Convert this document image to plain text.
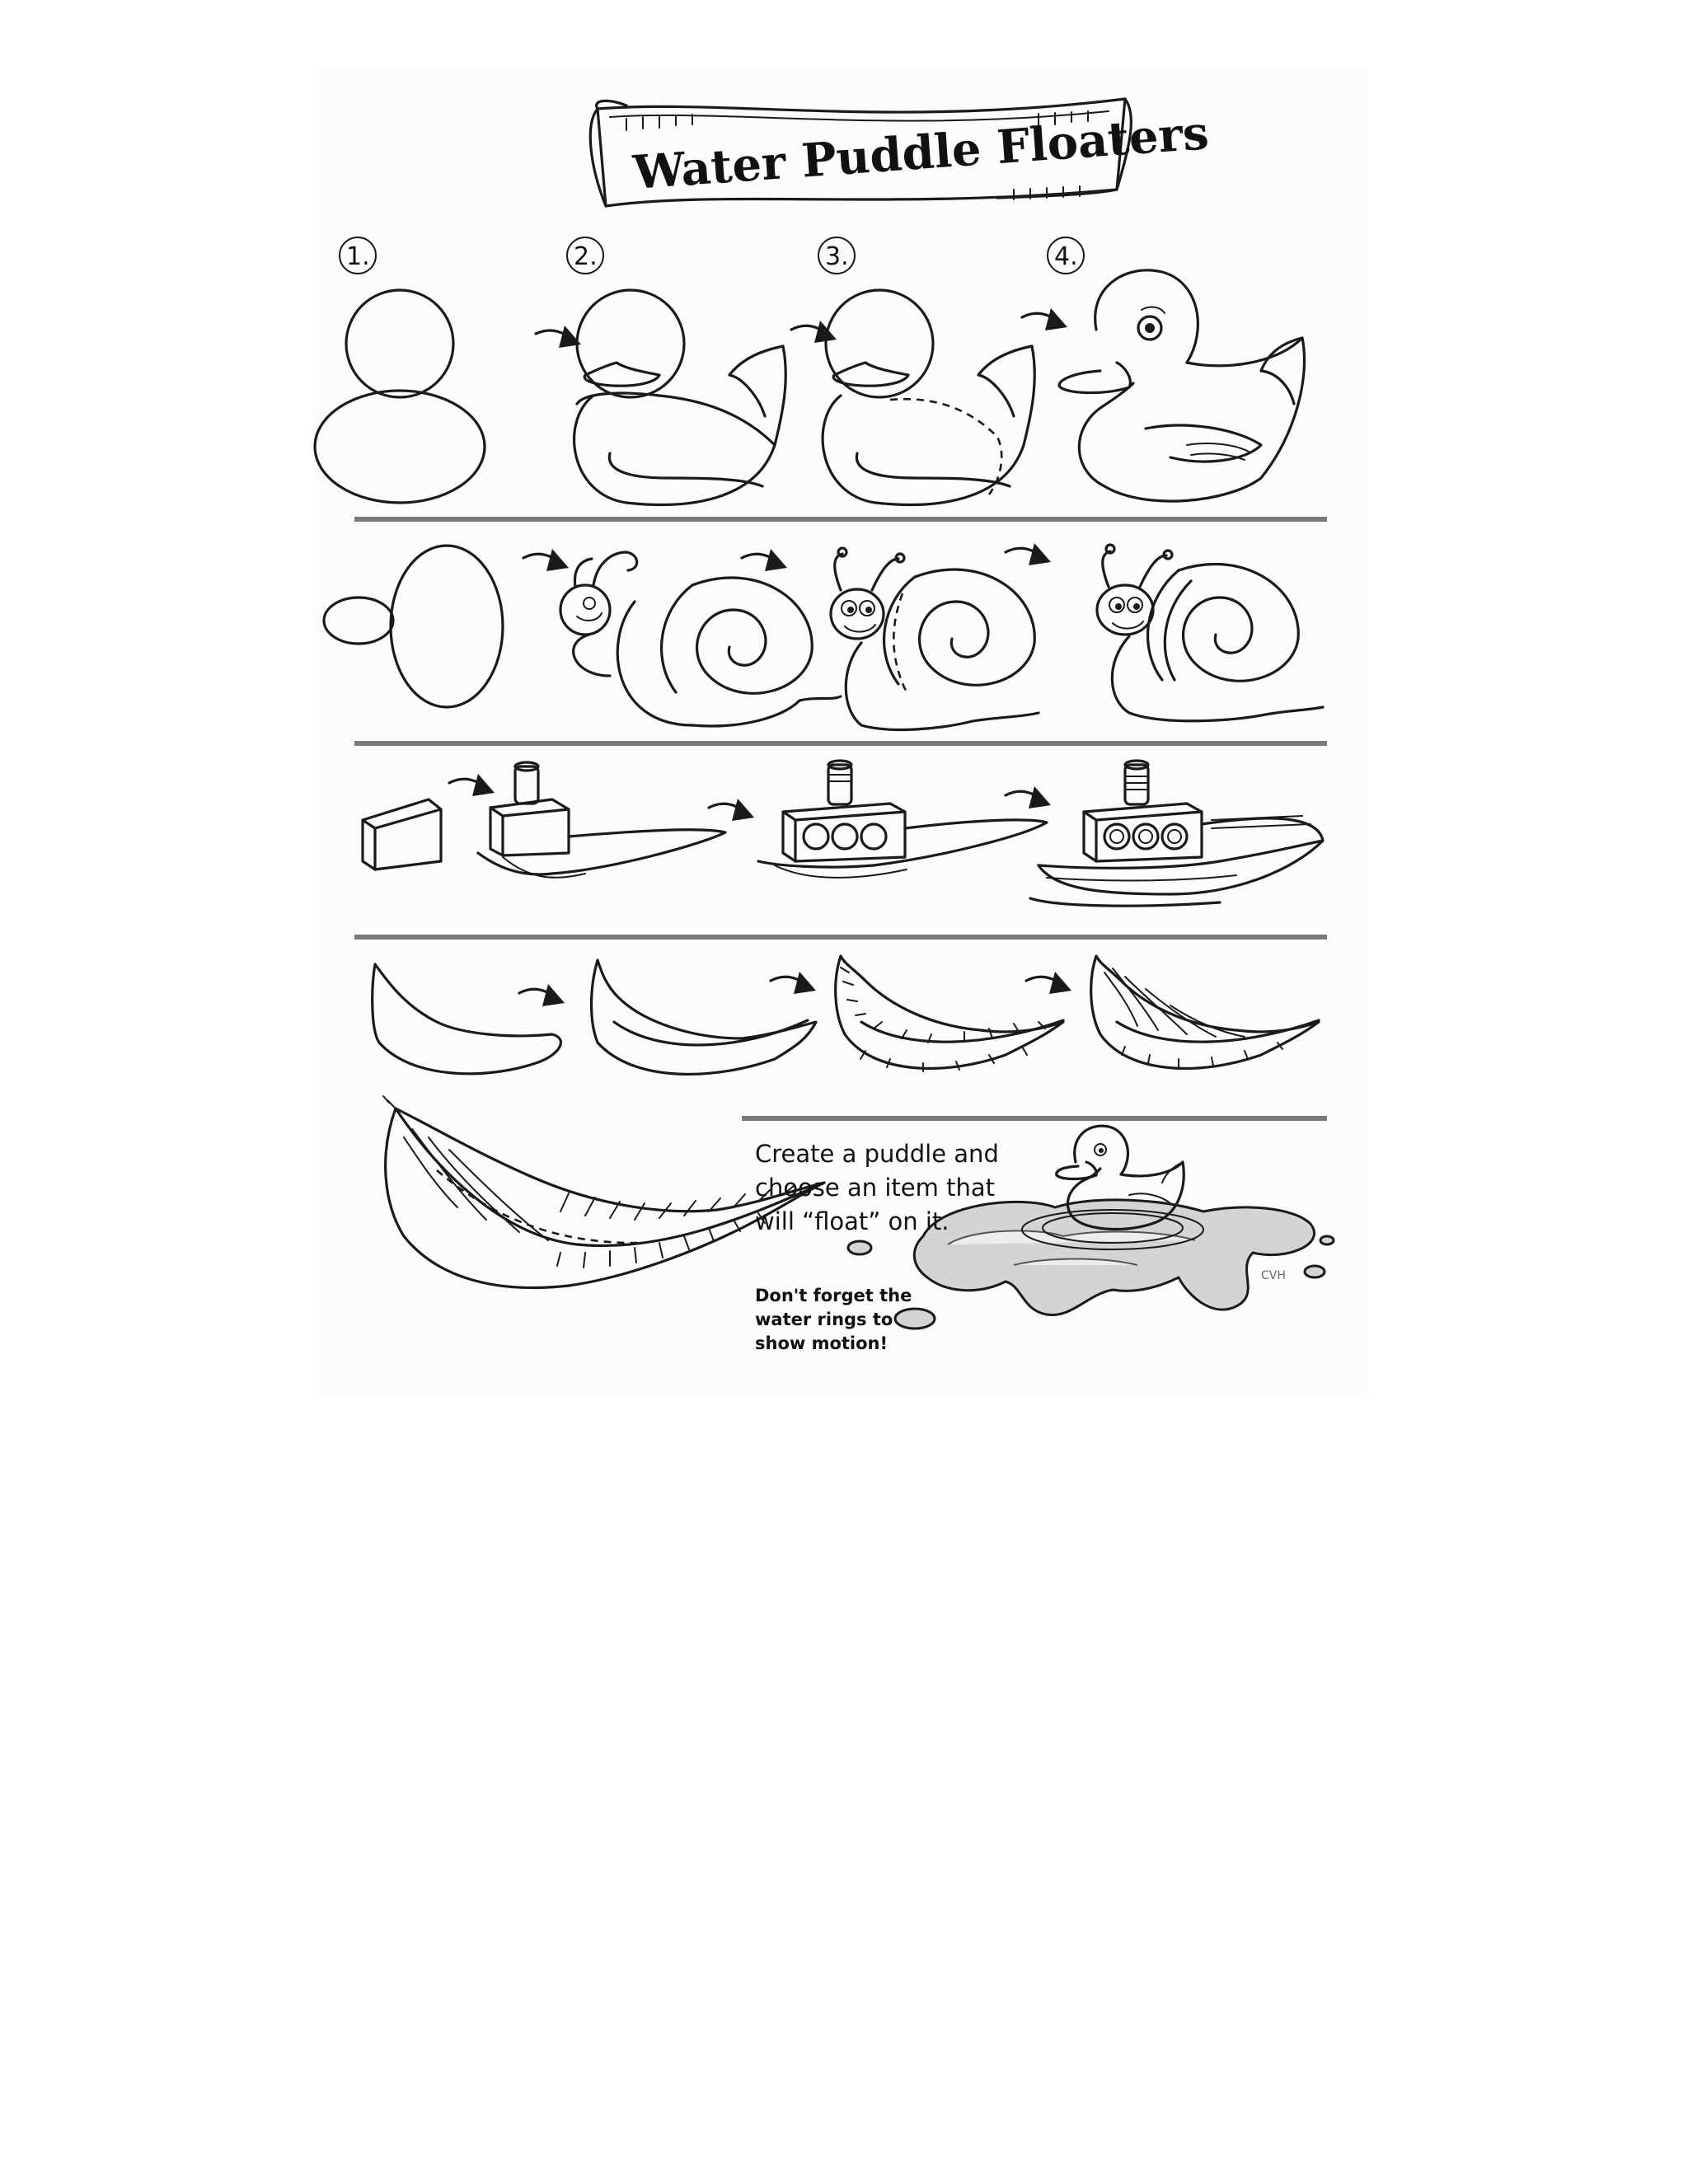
Water Puddle Floaters
1.	2.	3.	4.
CVH
Create a puddle and
choose an item that
will “float” on it.
Don't forget the
water rings to
show motion!
